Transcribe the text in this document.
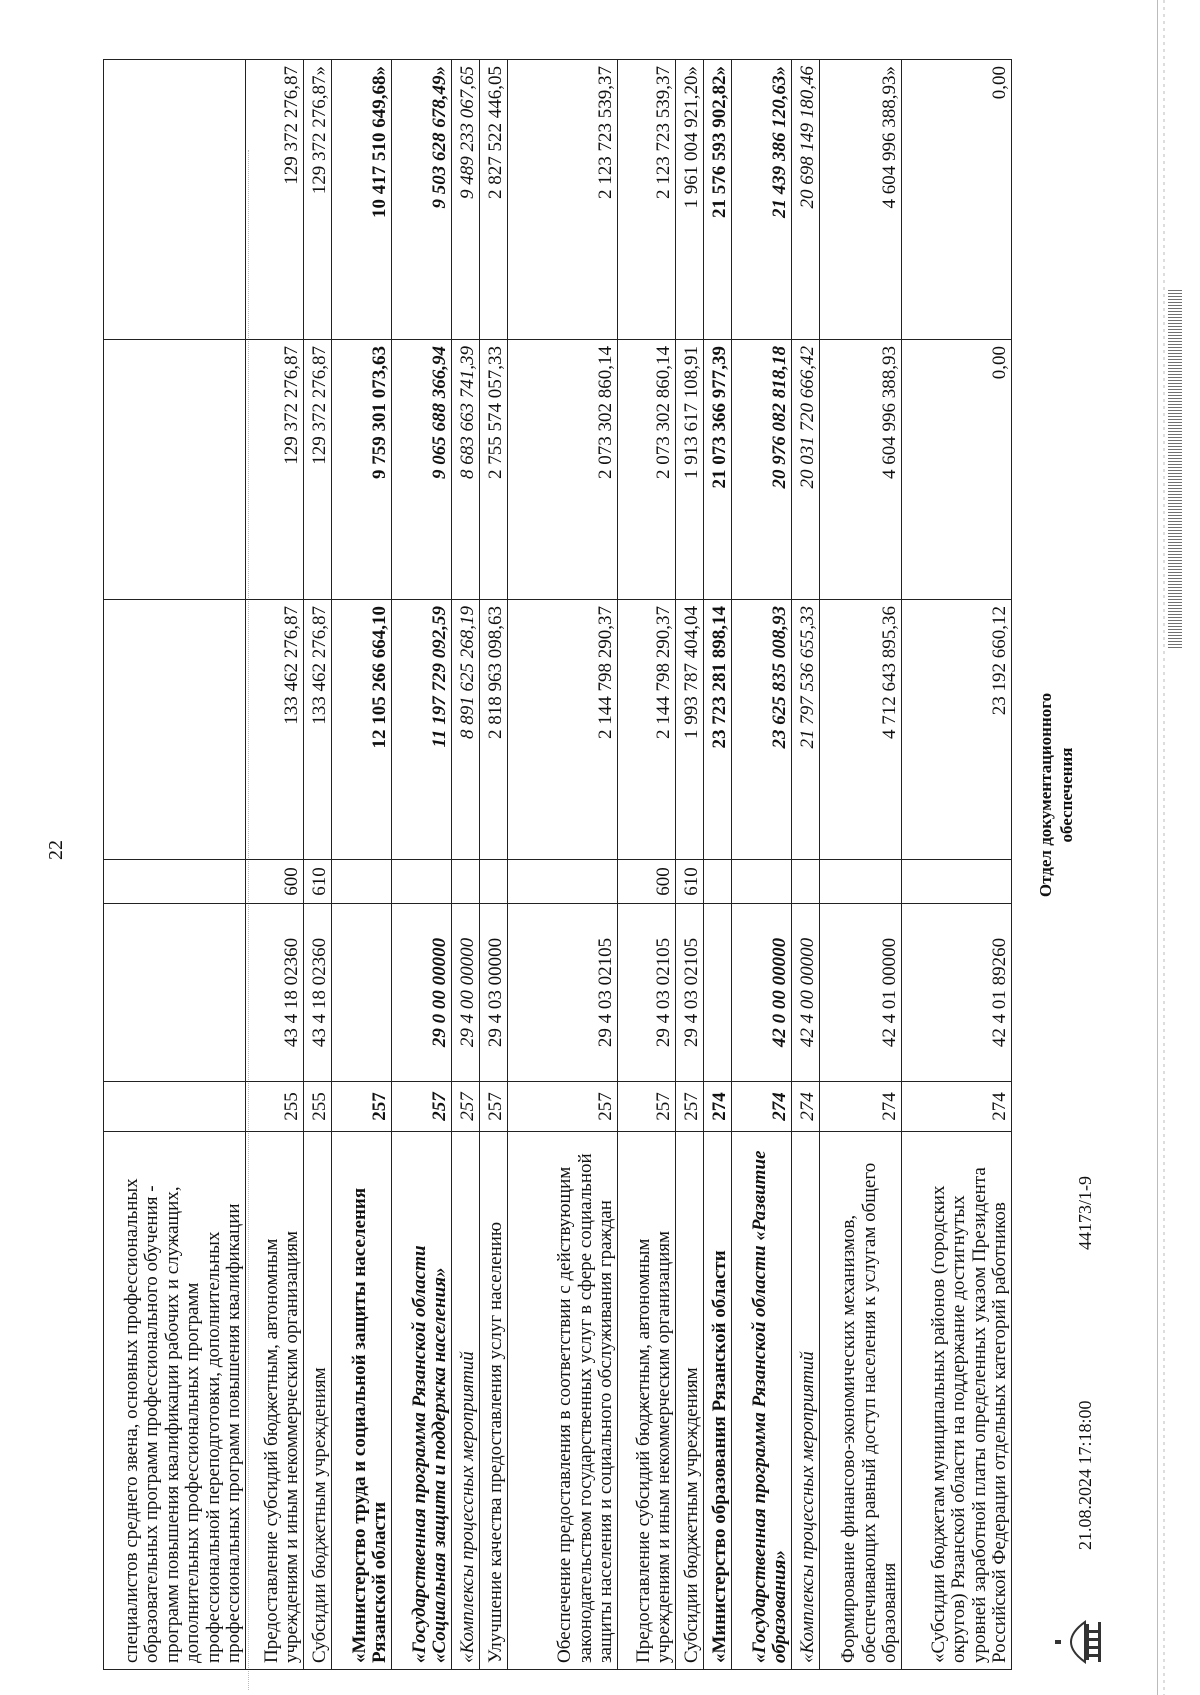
22
специалистов среднего звена, основных профессиональных образовательных программ профессионального обучения - программ повышения квалификации рабочих и служащих, дополнительных профессиональных программ профессиональной переподготовки, дополнительных профессиональных программ повышения квалификации						
Предоставление субсидий бюджетным, автономным учреждениям и иным некоммерческим организациям	255	43 4 18 02360	600	133 462 276,87	129 372 276,87	129 372 276,87
Субсидии бюджетным учреждениям	255	43 4 18 02360	610	133 462 276,87	129 372 276,87	129 372 276,87»
«Министерство труда и социальной защиты населения Рязанской области	257			12 105 266 664,10	9 759 301 073,63	10 417 510 649,68»
«Государственная программа Рязанской области «Социальная защита и поддержка населения»	257	29 0 00 00000		11 197 729 092,59	9 065 688 366,94	9 503 628 678,49»
«Комплексы процессных мероприятий	257	29 4 00 00000		8 891 625 268,19	8 683 663 741,39	9 489 233 067,65
Улучшение качества предоставления услуг населению	257	29 4 03 00000		2 818 963 098,63	2 755 574 057,33	2 827 522 446,05
Обеспечение предоставления в соответствии с действующим законодательством государственных услуг в сфере социальной защиты населения и социального обслуживания граждан	257	29 4 03 02105		2 144 798 290,37	2 073 302 860,14	2 123 723 539,37
Предоставление субсидий бюджетным, автономным учреждениям и иным некоммерческим организациям	257	29 4 03 02105	600	2 144 798 290,37	2 073 302 860,14	2 123 723 539,37
Субсидии бюджетным учреждениям	257	29 4 03 02105	610	1 993 787 404,04	1 913 617 108,91	1 961 004 921,20»
«Министерство образования Рязанской области	274			23 723 281 898,14	21 073 366 977,39	21 576 593 902,82»
«Государственная программа Рязанской области «Развитие образования»	274	42 0 00 00000		23 625 835 008,93	20 976 082 818,18	21 439 386 120,63»
«Комплексы процессных мероприятий	274	42 4 00 00000		21 797 536 655,33	20 031 720 666,42	20 698 149 180,46
Формирование финансово-экономических механизмов, обеспечивающих равный доступ населения к услугам общего образования	274	42 4 01 00000		4 712 643 895,36	4 604 996 388,93	4 604 996 388,93»
«Субсидии бюджетам муниципальных районов (городских округов) Рязанской области на поддержание достигнутых уровней заработной платы определенных указом Президента Российской Федерации отдельных категорий работников	274	42 4 01 89260		23 192 660,12	0,00	0,00
21.08.2024 17:18:00
44173/1-9
Отдел документационного обеспечения
